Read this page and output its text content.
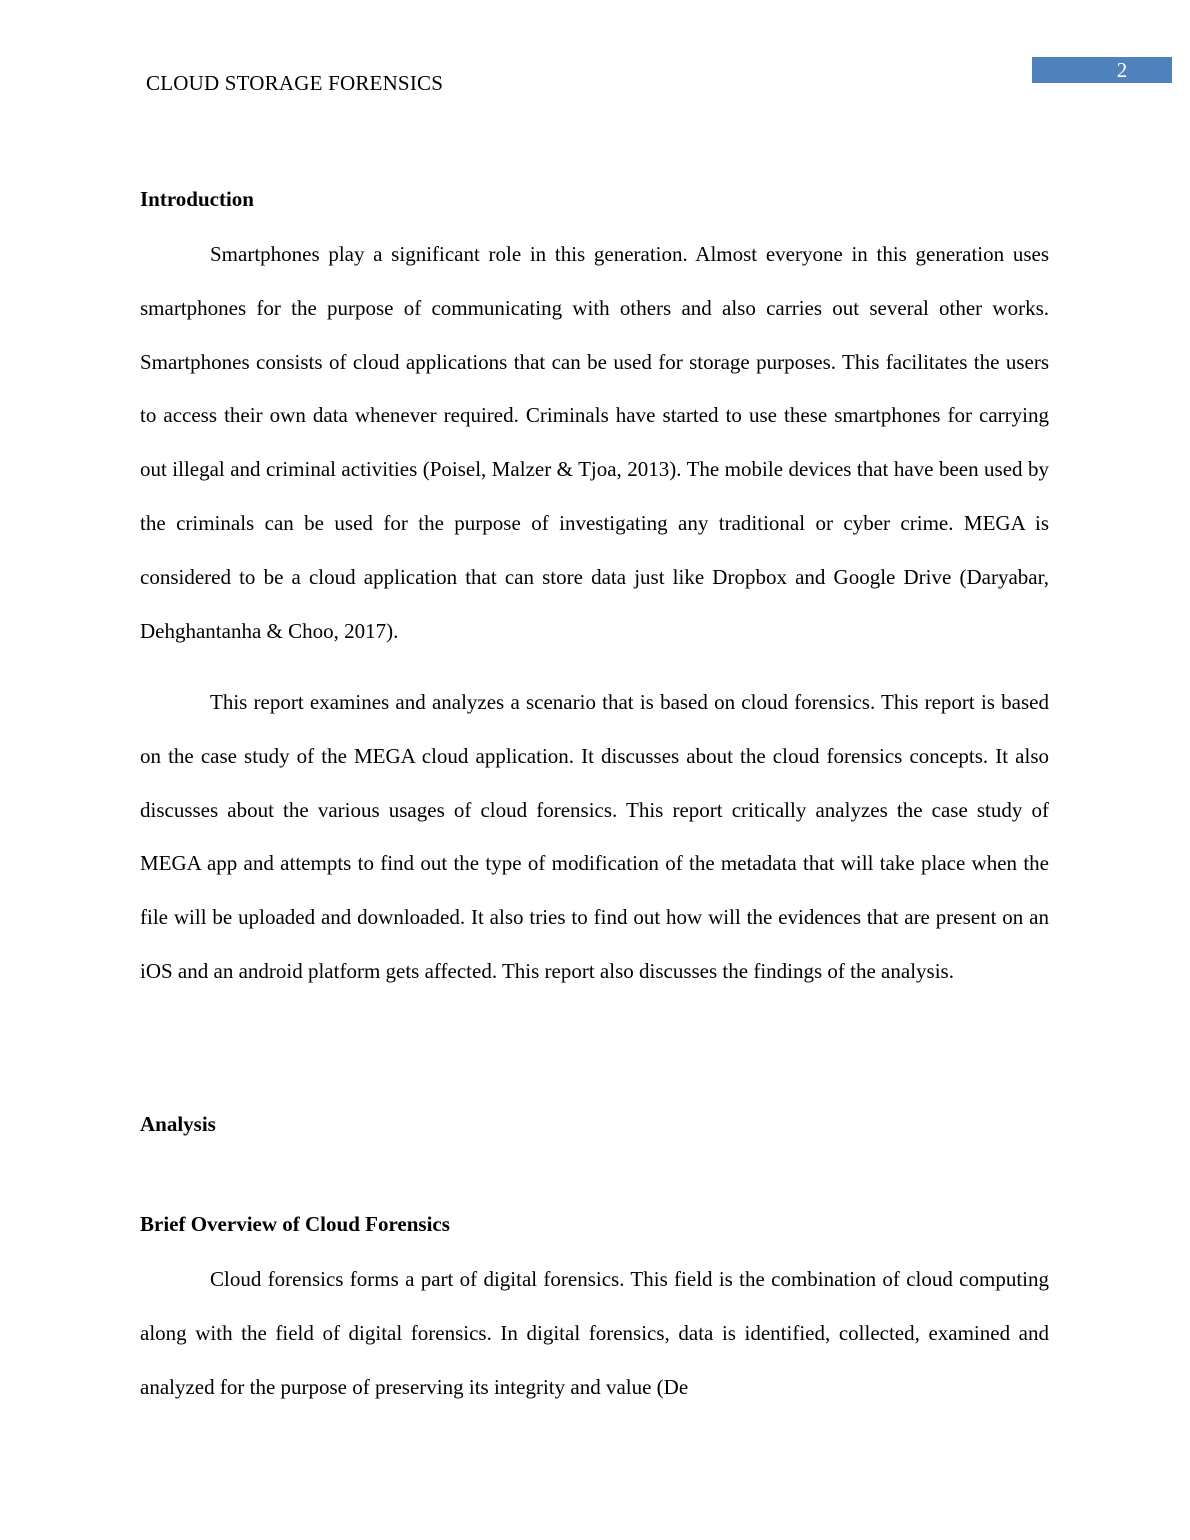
CLOUD STORAGE FORENSICS
2
Introduction

Smartphones play a significant role in this generation. Almost everyone in this generation uses smartphones for the purpose of communicating with others and also carries out several other works. Smartphones consists of cloud applications that can be used for storage purposes. This facilitates the users to access their own data whenever required. Criminals have started to use these smartphones for carrying out illegal and criminal activities (Poisel, Malzer & Tjoa, 2013). The mobile devices that have been used by the criminals can be used for the purpose of investigating any traditional or cyber crime. MEGA is considered to be a cloud application that can store data just like Dropbox and Google Drive (Daryabar, Dehghantanha & Choo, 2017).

This report examines and analyzes a scenario that is based on cloud forensics. This report is based on the case study of the MEGA cloud application. It discusses about the cloud forensics concepts. It also discusses about the various usages of cloud forensics. This report critically analyzes the case study of MEGA app and attempts to find out the type of modification of the metadata that will take place when the file will be uploaded and downloaded. It also tries to find out how will the evidences that are present on an iOS and an android platform gets affected. This report also discusses the findings of the analysis.

Analysis
Brief Overview of Cloud Forensics

Cloud forensics forms a part of digital forensics. This field is the combination of cloud computing along with the field of digital forensics. In digital forensics, data is identified, collected, examined and analyzed for the purpose of preserving its integrity and value (De
